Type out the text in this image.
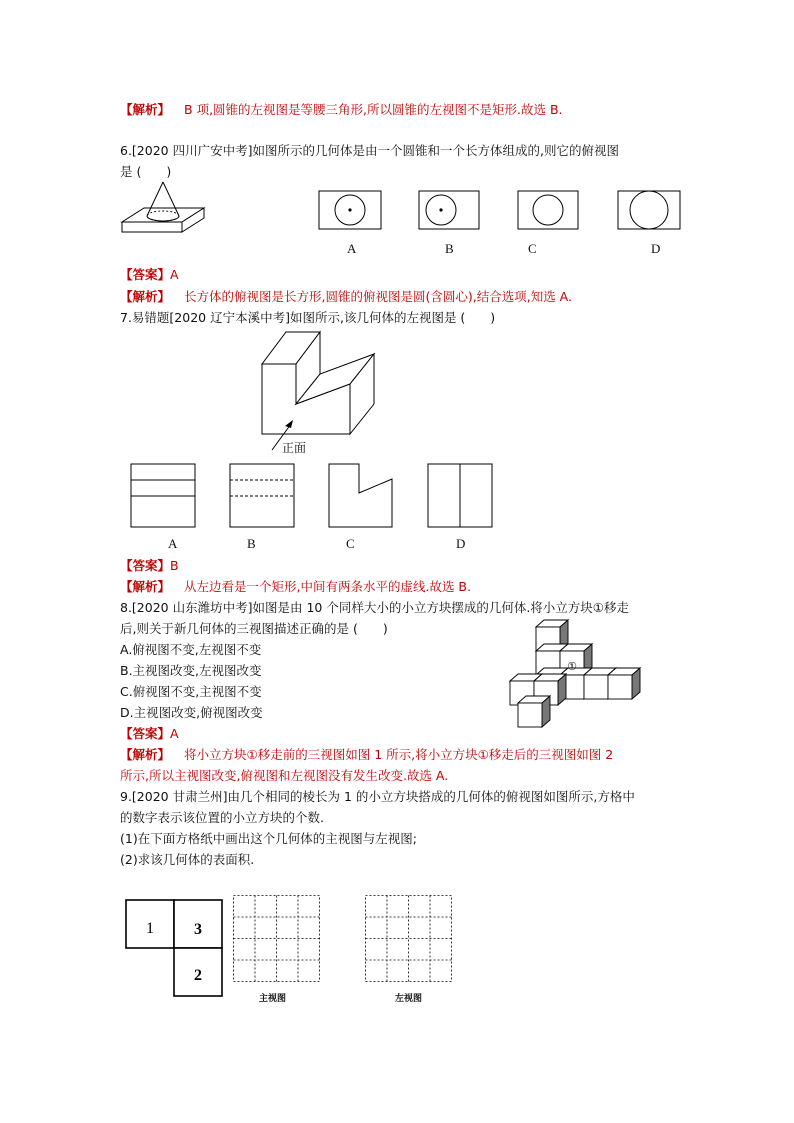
【解析】 B 项,圆锥的左视图是等腰三角形,所以圆锥的左视图不是矩形.故选 B.
6.[2020 四川广安中考]如图所示的几何体是由一个圆锥和一个长方体组成的,则它的俯视图
是 (　　)
A	B	C	D
【答案】A
【解析】 长方体的俯视图是长方形,圆锥的俯视图是圆(含圆心),结合选项,知选 A.
7.易错题[2020 辽宁本溪中考]如图所示,该几何体的左视图是 (　　)
正面
A	B	C	D
【答案】B
【解析】 从左边看是一个矩形,中间有两条水平的虚线.故选 B.
8.[2020 山东潍坊中考]如图是由 10 个同样大小的小立方块摆成的几何体.将小立方块①移走
后,则关于新几何体的三视图描述正确的是 (　　)
A.俯视图不变,左视图不变
B.主视图改变,左视图改变
C.俯视图不变,主视图不变
D.主视图改变,俯视图改变
①
【答案】A
【解析】 将小立方块①移走前的三视图如图 1 所示,将小立方块①移走后的三视图如图 2
所示,所以主视图改变,俯视图和左视图没有发生改变.故选 A.
9.[2020 甘肃兰州]由几个相同的棱长为 1 的小立方块搭成的几何体的俯视图如图所示,方格中
的数字表示该位置的小立方块的个数.
(1)在下面方格纸中画出这个几何体的主视图与左视图;
(2)求该几何体的表面积.
1	3
2
主视图	左视图
